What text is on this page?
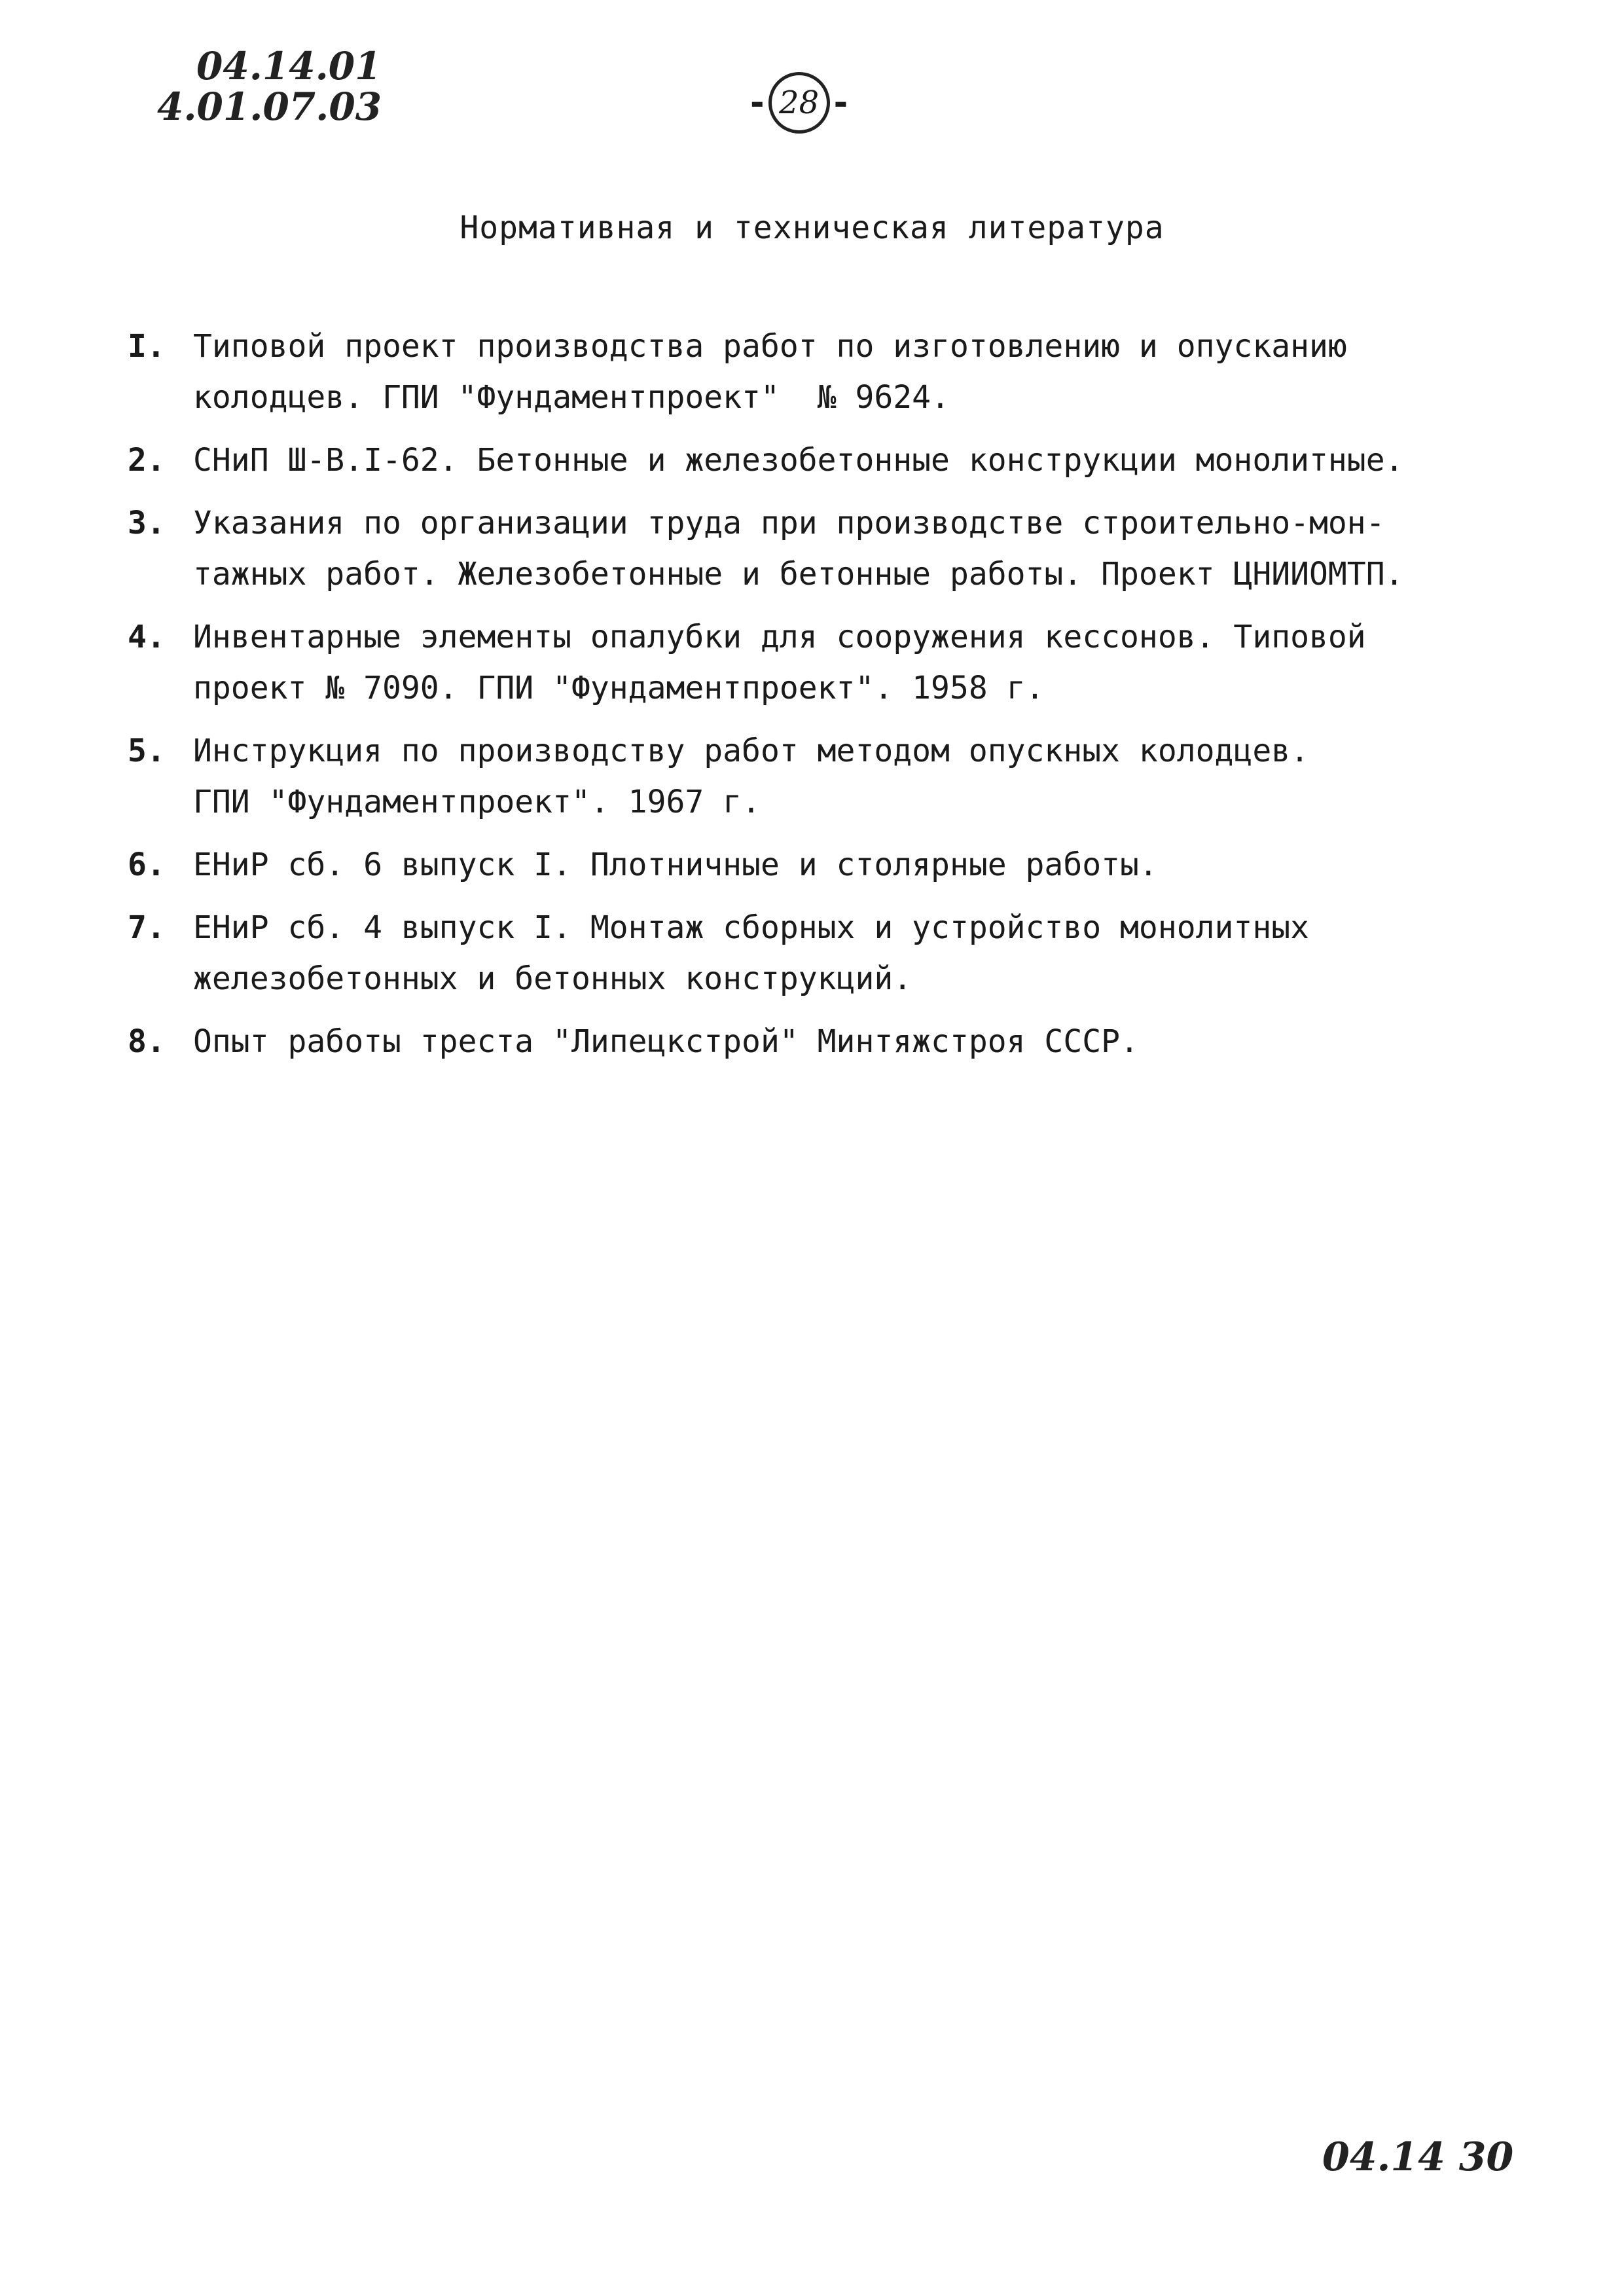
04.14.01
4.01.07.03	- 28 -
Нормативная и техническая литература
I. Типовой проект производства работ по изготовлению и опусканию
колодцев. ГПИ "Фундаментпроект"  № 9624.
2. СНиП Ш-В.I-62. Бетонные и железобетонные конструкции монолитные.
3. Указания по организации труда при производстве строительно-мон-
тажных работ. Железобетонные и бетонные работы. Проект ЦНИИОМТП.
4. Инвентарные элементы опалубки для сооружения кессонов. Типовой
проект № 7090. ГПИ "Фундаментпроект". 1958 г.
5. Инструкция по производству работ методом опускных колодцев.
ГПИ "Фундаментпроект". 1967 г.
6. ЕНиР сб. 6 выпуск I. Плотничные и столярные работы.
7. ЕНиР сб. 4 выпуск I. Монтаж сборных и устройство монолитных
железобетонных и бетонных конструкций.
8. Опыт работы треста "Липецкстрой" Минтяжстроя СССР.
04.14 30
